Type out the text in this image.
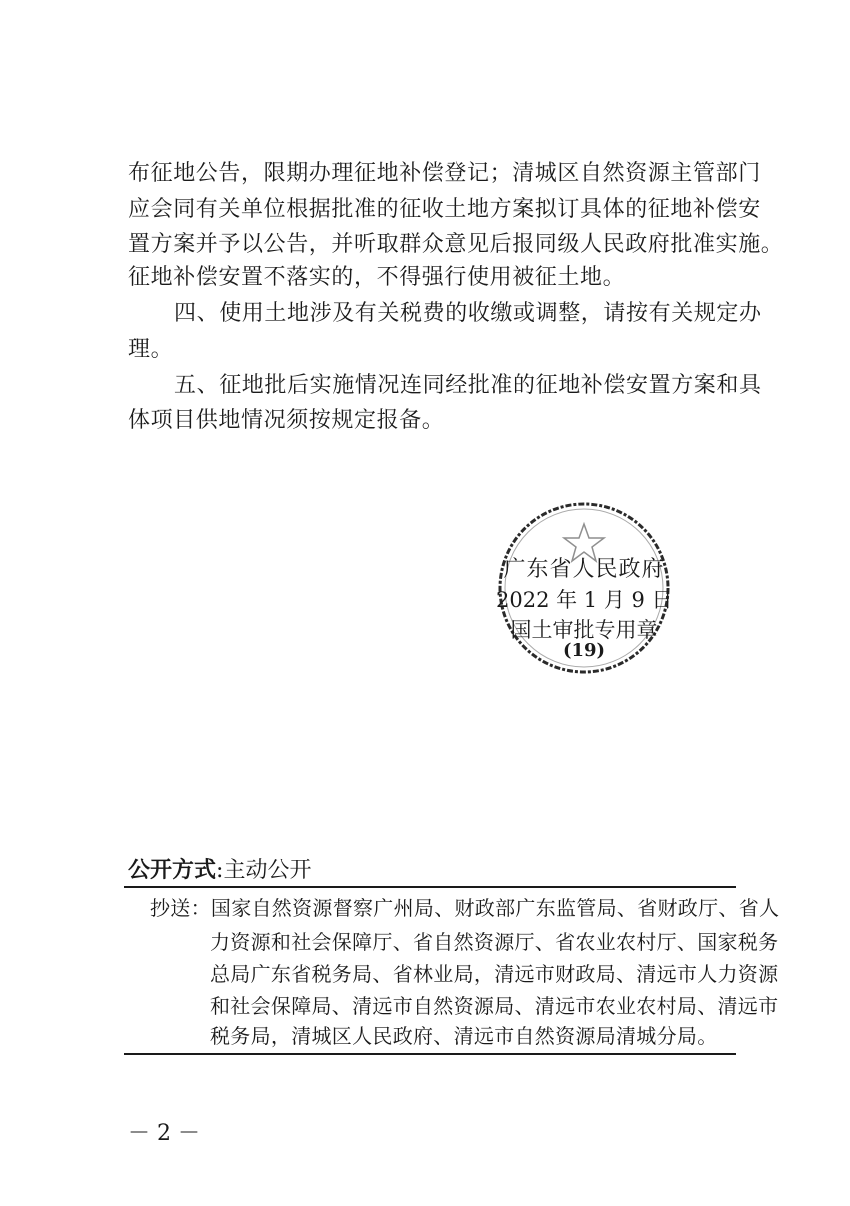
布征地公告，限期办理征地补偿登记；清城区自然资源主管部门
应会同有关单位根据批准的征收土地方案拟订具体的征地补偿安
置方案并予以公告，并听取群众意见后报同级人民政府批准实施。
征地补偿安置不落实的，不得强行使用被征土地。
四、使用土地涉及有关税费的收缴或调整，请按有关规定办
理。
五、征地批后实施情况连同经批准的征地补偿安置方案和具
体项目供地情况须按规定报备。
广东省人民政府
2022 年 1 月 9 日
国土审批专用章
(19)
公开方式:主动公开
抄送：国家自然资源督察广州局、财政部广东监管局、省财政厅、省人
力资源和社会保障厅、省自然资源厅、省农业农村厅、国家税务
总局广东省税务局、省林业局，清远市财政局、清远市人力资源
和社会保障局、清远市自然资源局、清远市农业农村局、清远市
税务局，清城区人民政府、清远市自然资源局清城分局。
－ 2 －
